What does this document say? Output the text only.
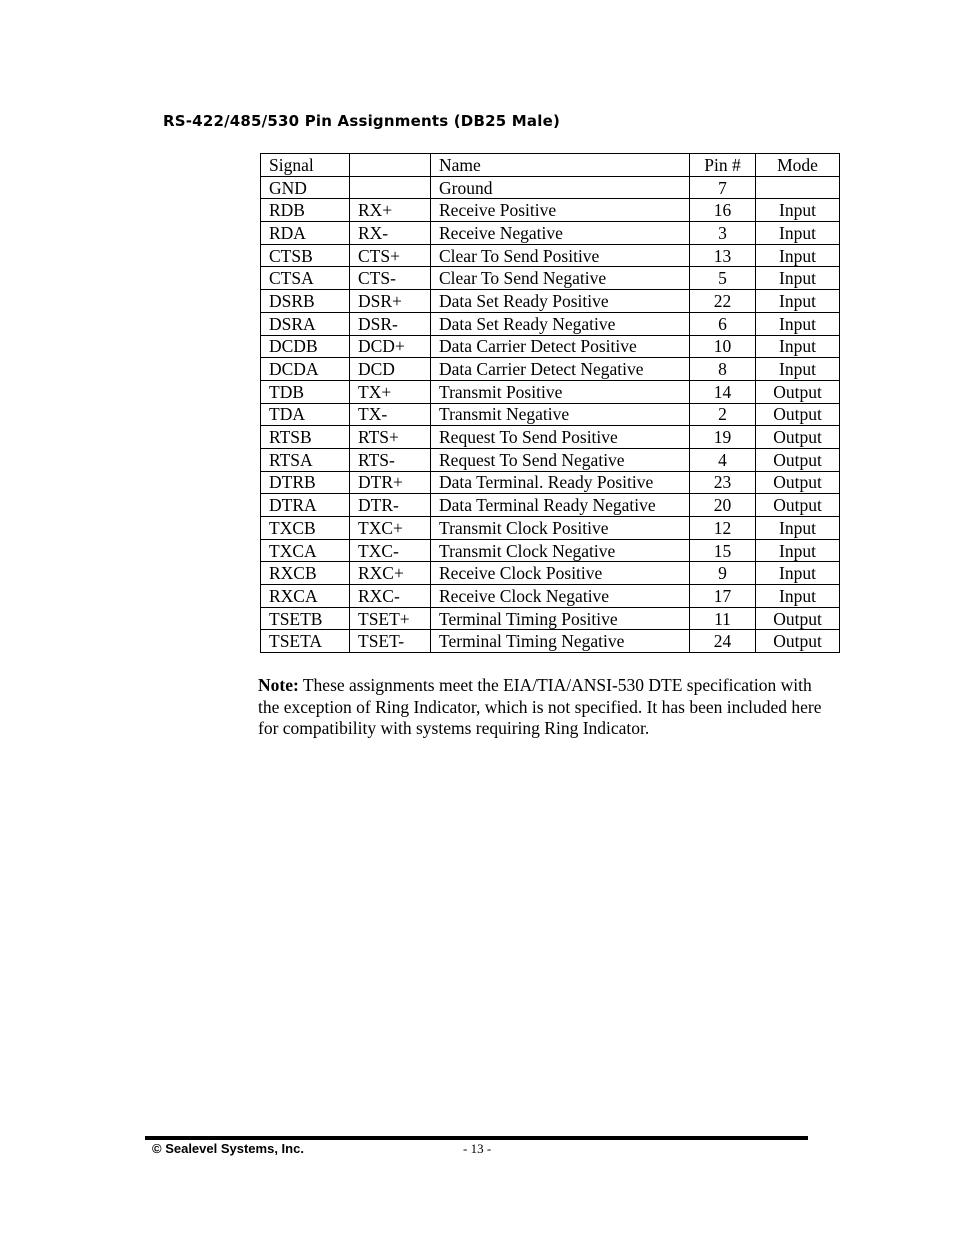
RS-422/485/530 Pin Assignments (DB25 Male)
Signal		Name	Pin #	Mode
GND		Ground	7	
RDB	RX+	Receive Positive	16	Input
RDA	RX-	Receive Negative	3	Input
CTSB	CTS+	Clear To Send Positive	13	Input
CTSA	CTS-	Clear To Send Negative	5	Input
DSRB	DSR+	Data Set Ready Positive	22	Input
DSRA	DSR-	Data Set Ready Negative	6	Input
DCDB	DCD+	Data Carrier Detect Positive	10	Input
DCDA	DCD	Data Carrier Detect Negative	8	Input
TDB	TX+	Transmit Positive	14	Output
TDA	TX-	Transmit Negative	2	Output
RTSB	RTS+	Request To Send Positive	19	Output
RTSA	RTS-	Request To Send Negative	4	Output
DTRB	DTR+	Data Terminal. Ready Positive	23	Output
DTRA	DTR-	Data Terminal Ready Negative	20	Output
TXCB	TXC+	Transmit Clock Positive	12	Input
TXCA	TXC-	Transmit Clock Negative	15	Input
RXCB	RXC+	Receive Clock Positive	9	Input
RXCA	RXC-	Receive Clock Negative	17	Input
TSETB	TSET+	Terminal Timing Positive	11	Output
TSETA	TSET-	Terminal Timing Negative	24	Output
Note: These assignments meet the EIA/TIA/ANSI-530 DTE specification with the exception of Ring Indicator, which is not specified. It has been included here for compatibility with systems requiring Ring Indicator.
© Sealevel Systems, Inc.	- 13 -
